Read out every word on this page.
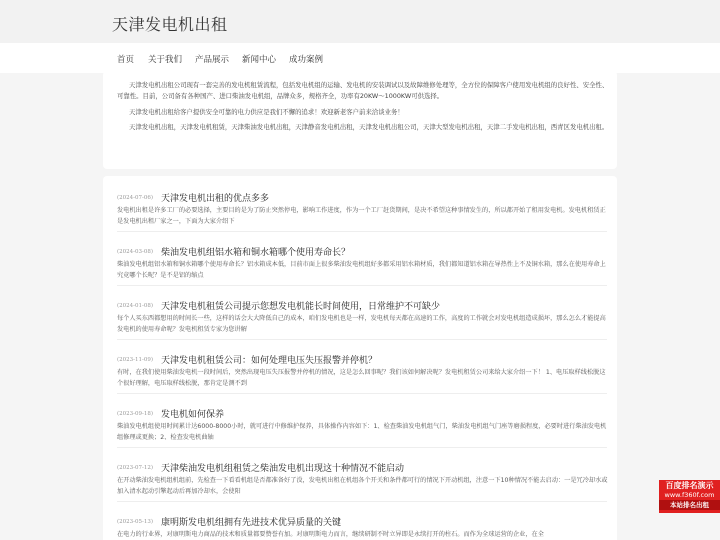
天津发电机出租
首页 关于我们 产品展示 新闻中心 成功案例

天津发电机出租公司现有一套完善的发电机租赁流程，包括发电机组的运输、发电机的安装调试以及故障维修处理等，全方位的保障客户使用发电机组的良好性、安全性、可靠性。目前，公司备有各种国产、进口柴油发电机组，品牌众多，规格齐全，功率有20KW～1000KW可供选择。

天津发电机出租给客户提供安全可靠的电力供应是我们不懈的追求！欢迎新老客户前来洽谈业务！

天津发电机出租，天津发电机租赁，天津柴油发电机出租，天津静音发电机出租，天津发电机出租公司，天津大型发电机出租，天津二手发电机出租，西青区发电机出租。

(2024-07-06) 天津发电机出租的优点多多
发电机出租是许多工厂的必要选择，主要目的是为了防止突然停电，影响工作进度，作为一个工厂赶货期间，是决不希望这种事情发生的，所以都开始了租用发电机。发电机租赁正是发电机出租厂家之一，下面为大家介绍下
(2024-03-08) 柴油发电机组铝水箱和铜水箱哪个使用寿命长？
柴油发电机组铝水箱和铜水箱哪个使用寿命长？铝水箱成本低，目前市面上很多柴油发电机组好多都采用铝水箱材质，我们都知道铝水箱在导热性上不及铜水箱，那么在使用寿命上究竟哪个长呢？是不是铝的缩点
(2024-01-08) 天津发电机租赁公司提示您想发电机能长时间使用，日常维护不可缺少
每个人买东西都想用的时间长一些，这样的话会大大降低自己的成本，咱们发电机也是一样，发电机每天都在高速的工作，高度的工作就会对发电机组造成损坏，那么怎么才能提高发电机的使用寿命呢？发电机租赁专家为您讲解
(2023-11-09) 天津发电机租赁公司：如何处理电压失压报警并停机？
有时，在我们使用柴油发电机一段时间后，突然出现电压失压报警并停机的情况，这是怎么回事呢？我们该如何解决呢？发电机租赁公司来给大家介绍一下！ 1、电压取样线松脱这个很好理解，电压取样线松脱，那肯定是测不到
(2023-09-18) 发电机如何保养
柴油发电机组使用时间累计达6000-8000小时，就可进行中修维护保养，具体操作内容如下：1、检查柴油发电机组气门，柴油发电机组气门座等磨损程度，必要时进行柴油发电机组修理或更换；2、检查发电机曲轴
(2023-07-12) 天津柴油发电机组租赁之柴油发电机出现这十种情况不能启动
在开动柴油发电机组机组前，先检查一下看看机组是否都准备好了没，发电机出租在机组各个开关和条件都可行的情况下开动机组，注意一下10种情况不能去启动：一是冗冷却水或加入清水起动引擎起动后再加冷却水，会使阳
(2023-05-13) 康明斯发电机组拥有先进技术优异质量的关键
在电力的行业界，对康明斯电力商品的技术和质量都要赞誉有加。对康明斯电力而言，继续研制不时立异即是永续打开的柱石。而作为全球运营的企业，在全
百度排名演示
www.f360f.com
本站排名出租
